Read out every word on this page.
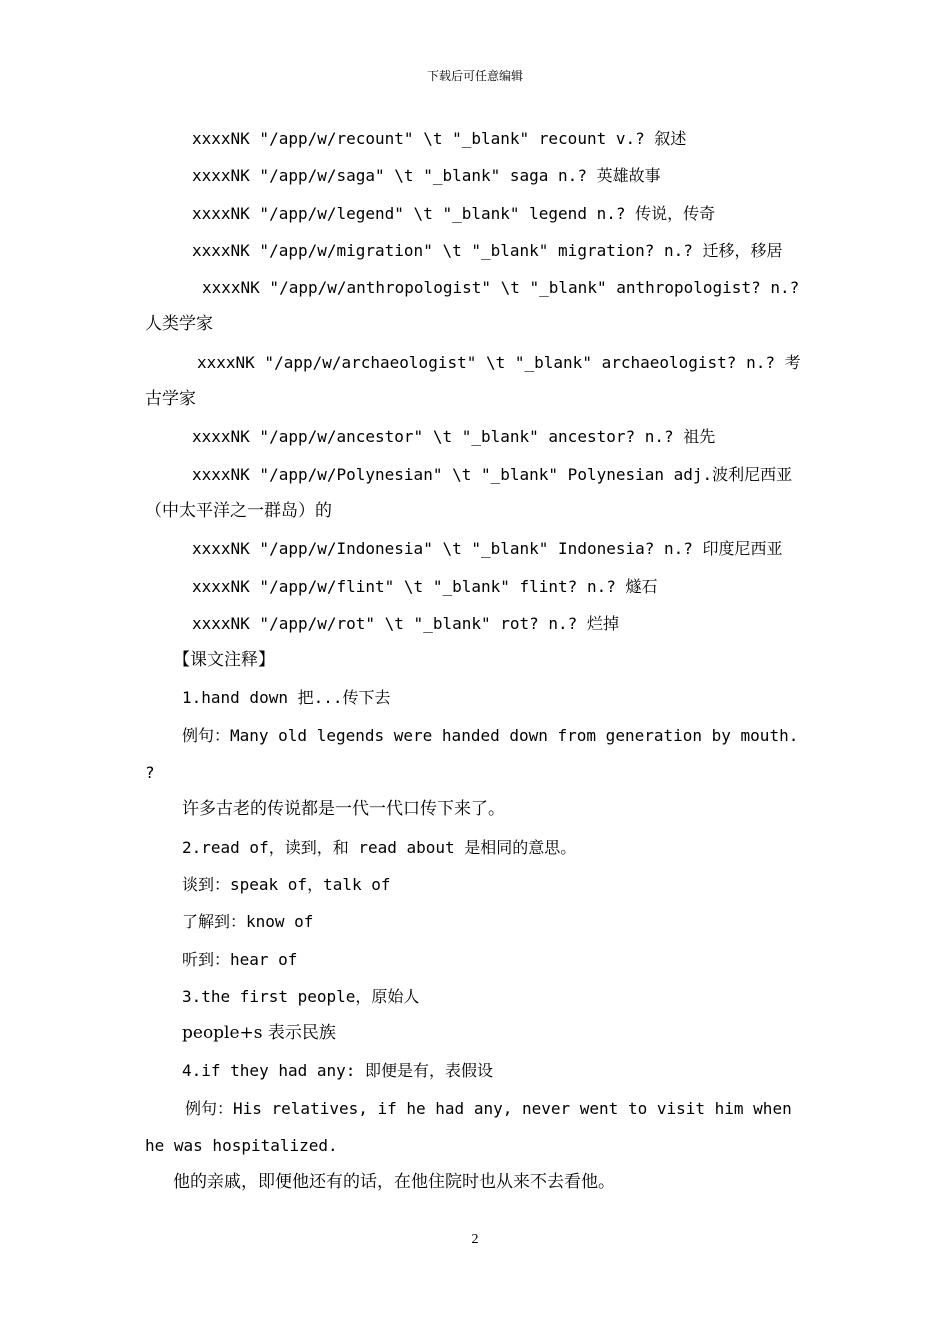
下载后可任意编辑
xxxxNK "/app/w/recount" \t "_blank" recount v.? 叙述
xxxxNK "/app/w/saga" \t "_blank" saga n.? 英雄故事
xxxxNK "/app/w/legend" \t "_blank" legend n.? 传说，传奇
xxxxNK "/app/w/migration" \t "_blank" migration? n.? 迁移，移居
xxxxNK "/app/w/anthropologist" \t "_blank" anthropologist? n.?
人类学家
xxxxNK "/app/w/archaeologist" \t "_blank" archaeologist? n.? 考
古学家
xxxxNK "/app/w/ancestor" \t "_blank" ancestor? n.? 祖先
xxxxNK "/app/w/Polynesian" \t "_blank" Polynesian adj.波利尼西亚
（中太平洋之一群岛）的
xxxxNK "/app/w/Indonesia" \t "_blank" Indonesia? n.? 印度尼西亚
xxxxNK "/app/w/flint" \t "_blank" flint? n.? 燧石
xxxxNK "/app/w/rot" \t "_blank" rot? n.? 烂掉
【课文注释】
1.hand down 把...传下去
例句：Many old legends were handed down from generation by mouth.
?
许多古老的传说都是一代一代口传下来了。
2.read of，读到，和 read about 是相同的意思。
谈到：speak of，talk of
了解到：know of
听到：hear of
3.the first people，原始人
people+s 表示民族
4.if they had any: 即便是有，表假设
例句：His relatives, if he had any, never went to visit him when
he was hospitalized.
他的亲戚，即便他还有的话，在他住院时也从来不去看他。
2
